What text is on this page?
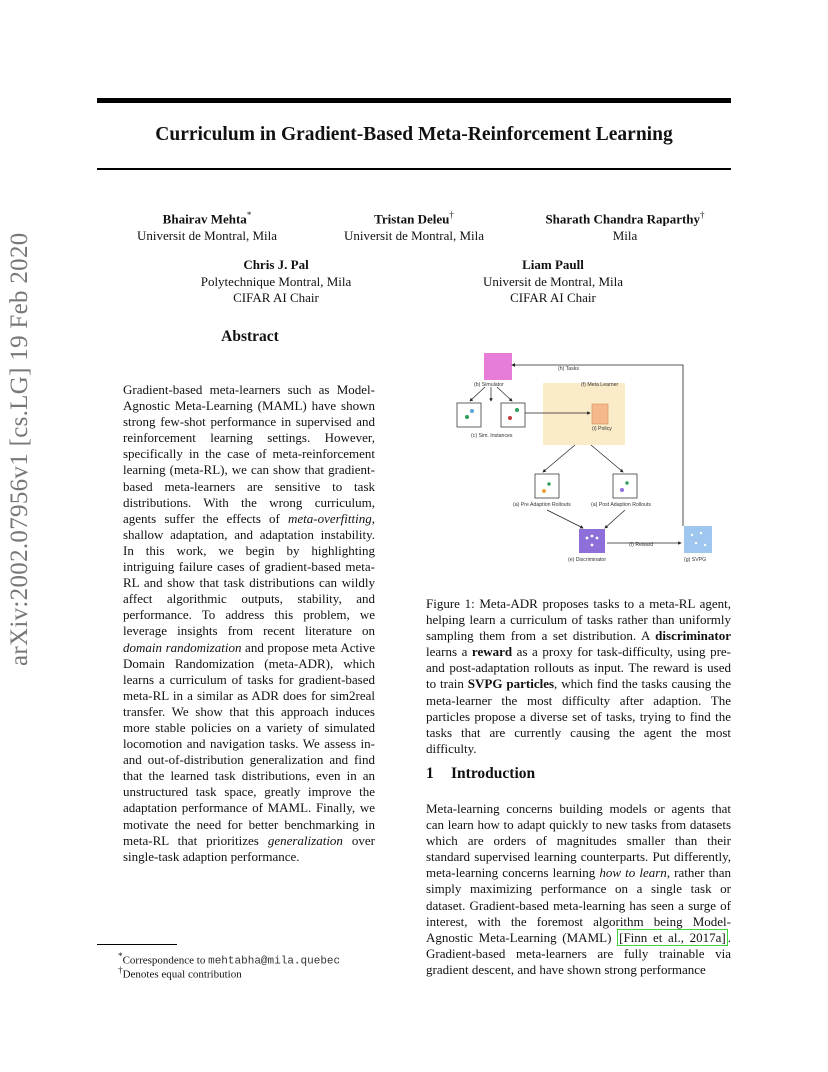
Curriculum in Gradient-Based Meta-Reinforcement Learning
Bhairav Mehta*
Universit de Montral, Mila
Tristan Deleu†
Universit de Montral, Mila
Sharath Chandra Raparthy†
Mila
Chris J. Pal
Polytechnique Montral, Mila
CIFAR AI Chair
Liam Paull
Universit de Montral, Mila
CIFAR AI Chair
arXiv:2002.07956v1 [cs.LG] 19 Feb 2020	Abstract
Gradient-based meta-learners such as Model-Agnostic Meta-Learning (MAML) have shown strong few-shot performance in supervised and reinforcement learning settings. However, specifically in the case of meta-reinforcement learning (meta-RL), we can show that gradient-based meta-learners are sensitive to task distributions. With the wrong curriculum, agents suffer the effects of meta-overfitting, shallow adaptation, and adaptation instability. In this work, we begin by highlighting intriguing failure cases of gradient-based meta-RL and show that task distributions can wildly affect algorithmic outputs, stability, and performance. To address this problem, we leverage insights from recent literature on domain randomization and propose meta Active Domain Randomization (meta-ADR), which learns a curriculum of tasks for gradient-based meta-RL in a similar as ADR does for sim2real transfer. We show that this approach induces more stable policies on a variety of simulated locomotion and navigation tasks. We assess in- and out-of-distribution generalization and find that the learned task distributions, even in an unstructured task space, greatly improve the adaptation performance of MAML. Finally, we motivate the need for better benchmarking in meta-RL that prioritizes generalization over single-task adaption performance.
*Correspondence to mehtabha@mila.quebec
†Denotes equal contribution
(h) Tasks
(b) Simulator	(f) Meta Learner
(c) Sim. Instances
(i) Policy
(a) Pre Adaption Rollouts	(a) Post Adaption Rollouts
(f) Reward
(e) Discriminator	(g) SVPG
Figure 1: Meta-ADR proposes tasks to a meta-RL agent, helping learn a curriculum of tasks rather than uniformly sampling them from a set distribution. A discriminator learns a reward as a proxy for task-difficulty, using pre- and post-adaptation rollouts as input. The reward is used to train SVPG particles, which find the tasks causing the meta-learner the most difficulty after adaption. The particles propose a diverse set of tasks, trying to find the tasks that are currently causing the agent the most difficulty.
1 Introduction
Meta-learning concerns building models or agents that can learn how to adapt quickly to new tasks from datasets which are orders of magnitudes smaller than their standard supervised learning counterparts. Put differently, meta-learning concerns learning how to learn, rather than simply maximizing performance on a single task or dataset. Gradient-based meta-learning has seen a surge of interest, with the foremost algorithm being Model-Agnostic Meta-Learning (MAML) [Finn et al., 2017a] . Gradient-based meta-learners are fully trainable via gradient descent, and have shown strong performance
